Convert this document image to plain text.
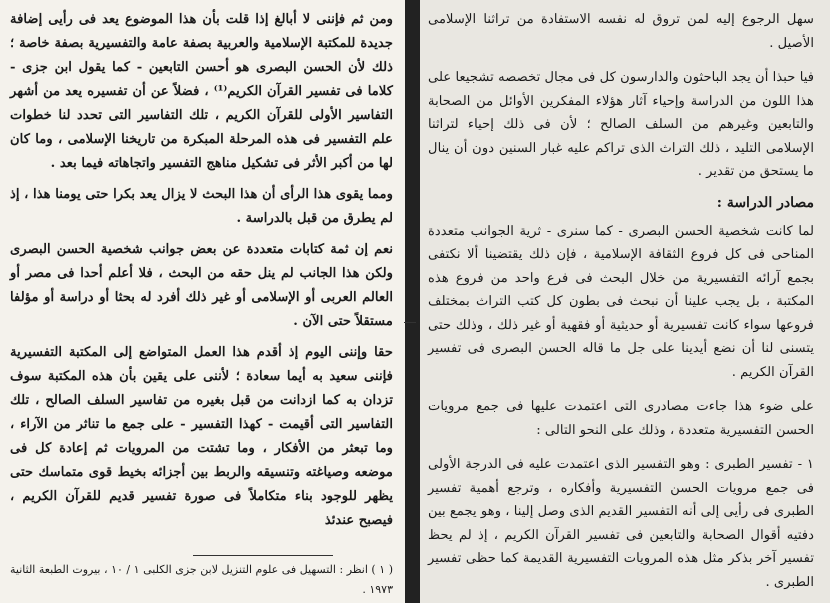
ومن ثم فإننى لا أبالغ إذا قلت بأن هذا الموضوع يعد فى رأيى إضافة جديدة للمكتبة الإسلامية والعربية بصفة عامة والتفسيرية بصفة خاصة ؛ ذلك لأن الحسن البصرى هو أحسن التابعين - كما يقول ابن جزى - كلاما فى تفسير القرآن الكريم⁽¹⁾ ، فضلاً عن أن تفسيره يعد من أشهر التفاسير الأولى للقرآن الكريم ، تلك التفاسير التى تحدد لنا خطوات علم التفسير فى هذه المرحلة المبكرة من تاريخنا الإسلامى ، وما كان لها من أكبر الأثر فى تشكيل مناهج التفسير واتجاهاته فيما بعد .

ومما يقوى هذا الرأى أن هذا البحث لا يزال يعد بكرا حتى يومنا هذا ، إذ لم يطرق من قبل بالدراسة .

نعم إن ثمة كتابات متعددة عن بعض جوانب شخصية الحسن البصرى ولكن هذا الجانب لم ينل حقه من البحث ، فلا أعلم أحدا فى مصر أو العالم العربى أو الإسلامى أو غير ذلك أفرد له بحثا أو دراسة أو مؤلفا مستقلاً حتى الآن .

حقا وإننى اليوم إذ أقدم هذا العمل المتواضع إلى المكتبة التفسيرية فإننى سعيد به أيما سعادة ؛ لأننى على يقين بأن هذه المكتبة سوف تزدان به كما ازدانت من قبل بغيره من تفاسير السلف الصالح ، تلك التفاسير التى أقيمت - كهذا التفسير - على جمع ما تناثر من الآراء ، وما تبعثر من الأفكار ، وما تشتت من المرويات ثم إعادة كل فى موضعه وصياغته وتنسيقه والربط بين أجزائه بخيط قوى متماسك حتى يظهر للوجود بناء متكاملاً فى صورة تفسير قديم للقرآن الكريم ، فيصبح عندئذ

( ١ ) انظر : التسهيل فى علوم التنزيل لابن جزى الكلبى ١ / ١٠ ، بيروت الطبعة الثانية ١٩٧٣ .

سهل الرجوع إليه لمن تروق له نفسه الاستفادة من تراثنا الإسلامى الأصيل .

فيا حبذا أن يجد الباحثون والدارسون كل فى مجال تخصصه تشجيعا على هذا اللون من الدراسة وإحياء آثار هؤلاء المفكرين الأوائل من الصحابة والتابعين وغيرهم من السلف الصالح ؛ لأن فى ذلك إحياء لتراثنا الإسلامى التليد ، ذلك التراث الذى تراكم عليه غبار السنين دون أن ينال ما يستحق من تقدير .

مصادر الدراسة :

لما كانت شخصية الحسن البصرى - كما سنرى - ثرية الجوانب متعددة المناحى فى كل فروع الثقافة الإسلامية ، فإن ذلك يقتضينا ألا نكتفى بجمع آرائه التفسيرية من خلال البحث فى فرع واحد من فروع هذه المكتبة ، بل يجب علينا أن نبحث فى بطون كل كتب التراث بمختلف فروعها سواء كانت تفسيرية أو حديثية أو فقهية أو غير ذلك ، وذلك حتى يتسنى لنا أن نضع أيدينا على جل ما قاله الحسن البصرى فى تفسير القرآن الكريم .

على ضوء هذا جاءت مصادرى التى اعتمدت عليها فى جمع مرويات الحسن التفسيرية متعددة ، وذلك على النحو التالى :

١ - تفسير الطبرى : وهو التفسير الذى اعتمدت عليه فى الدرجة الأولى فى جمع مرويات الحسن التفسيرية وأفكاره ، وترجع أهمية تفسير الطبرى فى رأيى إلى أنه التفسير القديم الذى وصل إلينا ، وهو يجمع بين دفتيه أقوال الصحابة والتابعين فى تفسير القرآن الكريم ، إذ لم يحظ تفسير آخر بذكر مثل هذه المرويات التفسيرية القديمة كما حظى تفسير الطبرى .
